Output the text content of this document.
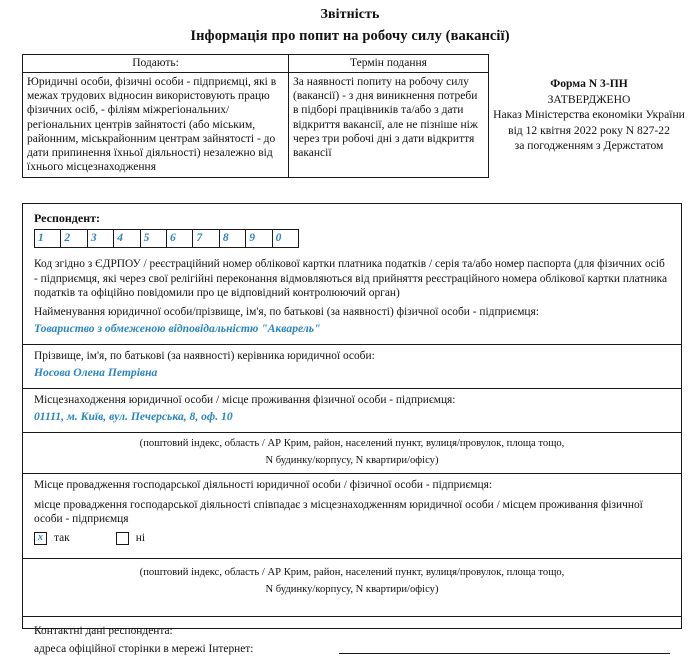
Звітність
Інформація про попит на робочу силу (вакансії)
Подають:	Термін подання
Юридичні особи, фізичні особи - підприємці, які в межах трудових відносин використовують працю фізичних осіб, - філіям міжрегіональних/регіональних центрів зайнятості (або міським, районним, міськрайонним центрам зайнятості - до дати припинення їхньої діяльності) незалежно від їхнього місцезнаходження	За наявності попиту на робочу силу (вакансії) - з дня виникнення потреби в підборі працівників та/або з дати відкриття вакансії, але не пізніше ніж через три робочі дні з дати відкриття вакансії
Форма N 3-ПН
ЗАТВЕРДЖЕНО
Наказ Міністерства економіки України
від 12 квітня 2022 року N 827-22
за погодженням з Держстатом
Респондент:
1	2	3	4	5	6	7	8	9	0
Код згідно з ЄДРПОУ / реєстраційний номер облікової картки платника податків / серія та/або номер паспорта (для фізичних осіб - підприємця, які через свої релігійні переконання відмовляються від прийняття реєстраційного номера облікової картки платника податків та офіційно повідомили про це відповідний контролюючий орган)
Найменування юридичної особи/прізвище, ім'я, по батькові (за наявності) фізичної особи - підприємця:
Товариство з обмеженою відповідальністю "Акварель"
Прізвище, ім'я, по батькові (за наявності) керівника юридичної особи:
Носова Олена Петрівна
Місцезнаходження юридичної особи / місце проживання фізичної особи - підприємця:
01111, м. Київ, вул. Печерська, 8, оф. 10
(поштовий індекс, область / АР Крим, район, населений пункт, вулиця/провулок, площа тощо,
N будинку/корпусу, N квартири/офісу)
Місце провадження господарської діяльності юридичної особи / фізичної особи - підприємця:
місце провадження господарської діяльності співпадає з місцезнаходженням юридичної особи / місцем проживання фізичної особи - підприємця
x так	ні
(поштовий індекс, область / АР Крим, район, населений пункт, вулиця/провулок, площа тощо,
N будинку/корпусу, N квартири/офісу)
Контактні дані респондента:
адреса офіційної сторінки в мережі Інтернет:
